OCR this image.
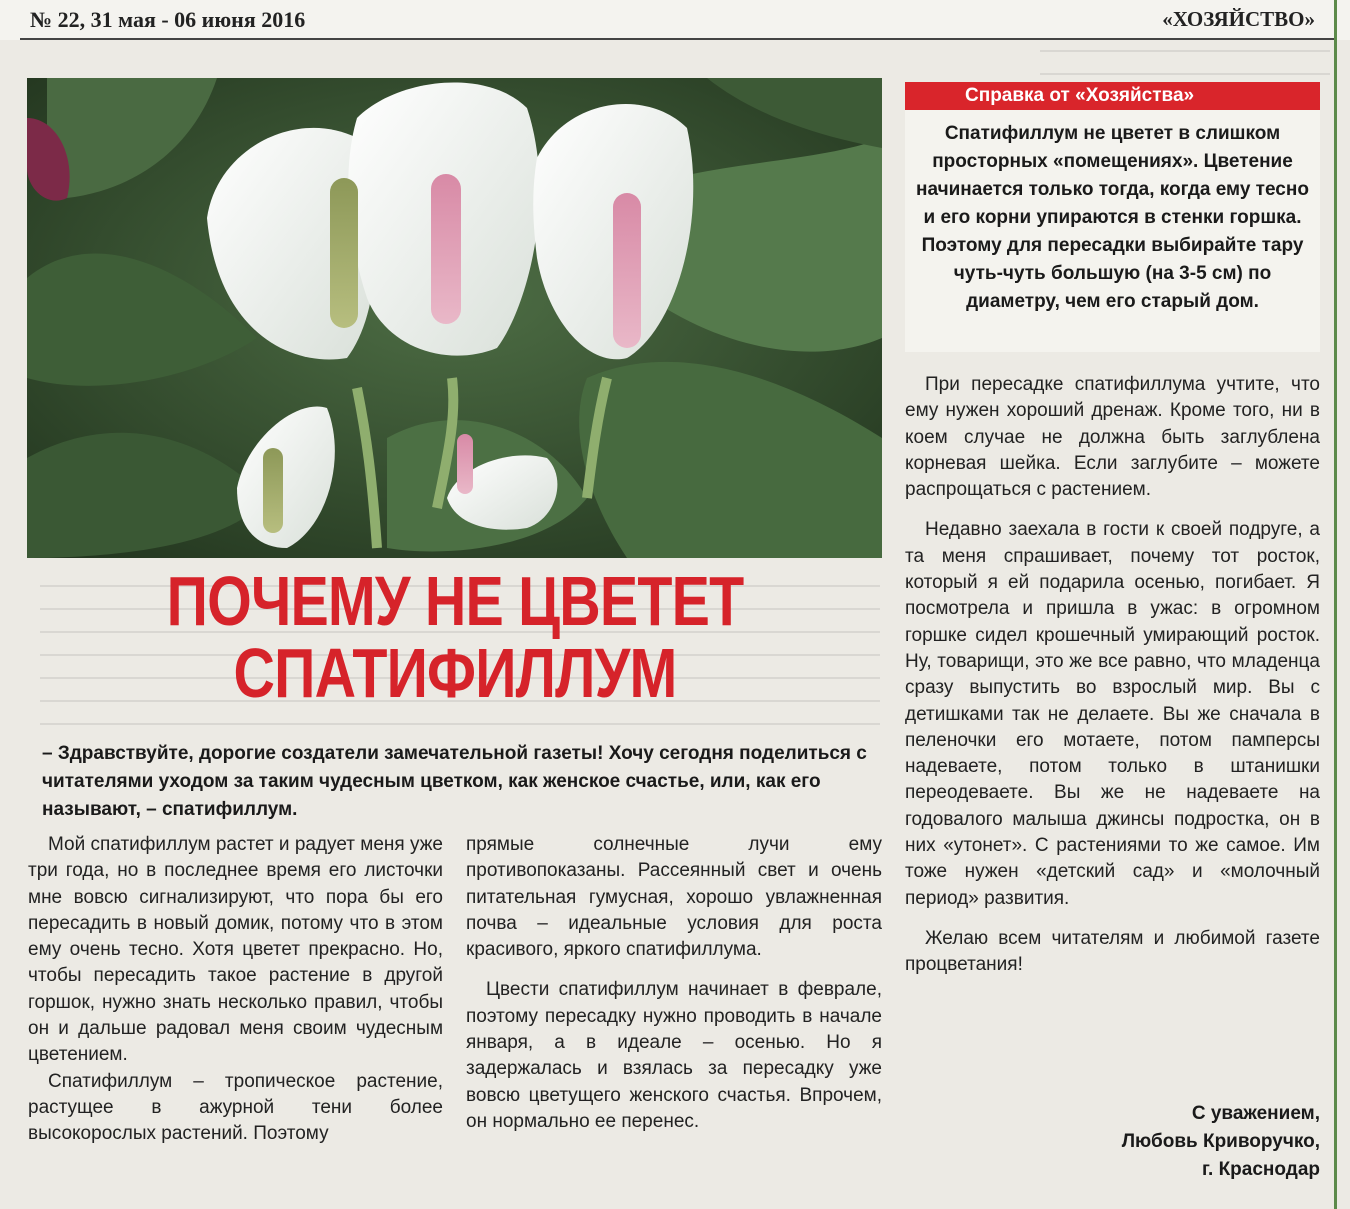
№ 22, 31 мая - 06 июня 2016	«ХОЗЯЙСТВО»
Справка от «Хозяйства»
Спатифиллум не цветет в слишком просторных «помещениях». Цветение начинается только тогда, когда ему тесно и его корни упираются в стенки горшка. Поэтому для пересадки выбирайте тару чуть-чуть большую (на 3-5 см) по диаметру, чем его старый дом.
ПОЧЕМУ НЕ ЦВЕТЕТ
СПАТИФИЛЛУМ
– Здравствуйте, дорогие создатели замечательной газеты! Хочу сегодня поделиться с читателями уходом за таким чудесным цветком, как женское счастье, или, как его называют, – спатифиллум.

Мой спатифиллум растет и радует меня уже три года, но в последнее время его листочки мне вовсю сигнализируют, что пора бы его пересадить в новый домик, потому что в этом ему очень тесно. Хотя цветет прекрасно. Но, чтобы пересадить такое растение в другой горшок, нужно знать несколько правил, чтобы он и дальше радовал меня своим чудесным цветением.

Спатифиллум – тропическое растение, растущее в ажурной тени более высокорослых растений. Поэтому

прямые солнечные лучи ему противопоказаны. Рассеянный свет и очень питательная гумусная, хорошо увлажненная почва – идеальные условия для роста красивого, яркого спатифиллума.

Цвести спатифиллум начинает в феврале, поэтому пересадку нужно проводить в начале января, а в идеале – осенью. Но я задержалась и взялась за пересадку уже вовсю цветущего женского счастья. Впрочем, он нормально ее перенес.

При пересадке спатифиллума учтите, что ему нужен хороший дренаж. Кроме того, ни в коем случае не должна быть заглублена корневая шейка. Если заглубите – можете распрощаться с растением.

Недавно заехала в гости к своей подруге, а та меня спрашивает, почему тот росток, который я ей подарила осенью, погибает. Я посмотрела и пришла в ужас: в огромном горшке сидел крошечный умирающий росток. Ну, товарищи, это же все равно, что младенца сразу выпустить во взрослый мир. Вы с детишками так не делаете. Вы же сначала в пеленочки его мотаете, потом памперсы надеваете, потом только в штанишки переодеваете. Вы же не надеваете на годовалого малыша джинсы подростка, он в них «утонет». С растениями то же самое. Им тоже нужен «детский сад» и «молочный период» развития.

Желаю всем читателям и любимой газете процветания!

С уважением,
Любовь Криворучко,
г. Краснодар
